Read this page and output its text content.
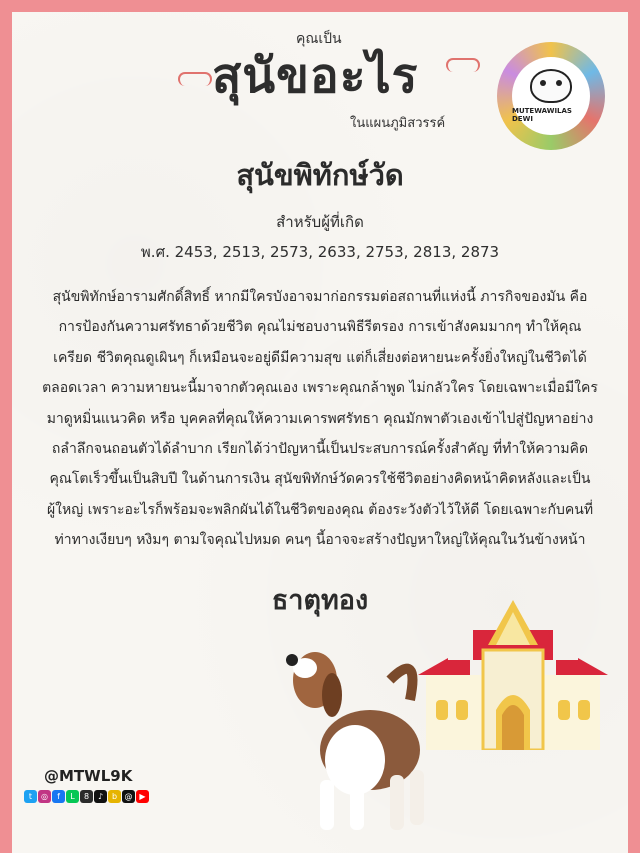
คุณเป็น
สุนัขอะไร
ในแผนภูมิสวรรค์
MUTEWAWILAS DEWI
สุนัขพิทักษ์วัด
สำหรับผู้ที่เกิด
พ.ศ. 2453, 2513, 2573, 2633, 2753, 2813, 2873
สุนัขพิทักษ์อารามศักดิ์สิทธิ์ หากมีใครบังอาจมาก่อกรรมต่อสถานที่แห่งนี้ ภารกิจของมัน คือ
การป้องกันความศรัทธาด้วยชีวิต คุณไม่ชอบงานพิธีรีตรอง การเข้าสังคมมากๆ ทำให้คุณ
เครียด ชีวิตคุณดูเผินๆ ก็เหมือนจะอยู่ดีมีความสุข แต่ก็เสี่ยงต่อหายนะครั้งยิ่งใหญ่ในชีวิตได้
ตลอดเวลา ความหายนะนี้มาจากตัวคุณเอง เพราะคุณกล้าพูด ไม่กลัวใคร โดยเฉพาะเมื่อมีใคร
มาดูหมิ่นแนวคิด หรือ บุคคลที่คุณให้ความเคารพศรัทธา คุณมักพาตัวเองเข้าไปสู่ปัญหาอย่าง
ถลำลึกจนถอนตัวได้ลำบาก เรียกได้ว่าปัญหานี้เป็นประสบการณ์ครั้งสำคัญ ที่ทำให้ความคิด
คุณโตเร็วขึ้นเป็นสิบปี ในด้านการเงิน สุนัขพิทักษ์วัดควรใช้ชีวิตอย่างคิดหน้าคิดหลังและเป็น
ผู้ใหญ่ เพราะอะไรก็พร้อมจะพลิกผันได้ในชีวิตของคุณ ต้องระวังตัวไว้ให้ดี โดยเฉพาะกับคนที่
ท่าทางเงียบๆ หงิมๆ ตามใจคุณไปหมด คนๆ นี้อาจจะสร้างปัญหาใหญ่ให้คุณในวันข้างหน้า
ธาตุทอง
@MTWL9K
t	◎	f	L	8	♪	b @ ▶
